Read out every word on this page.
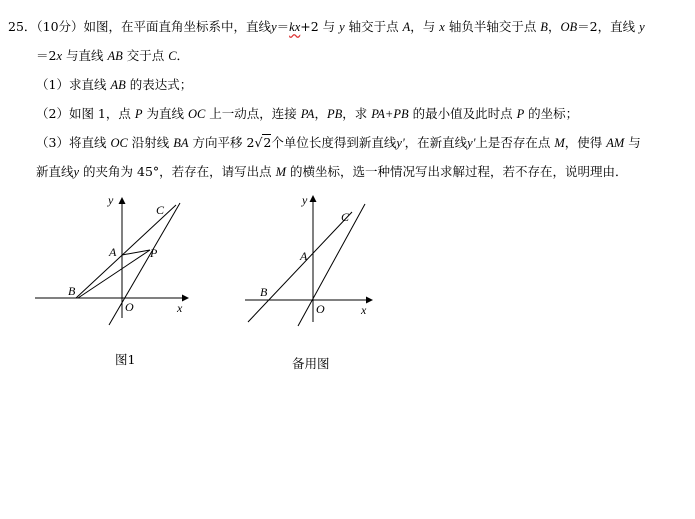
25．（10分）如图，在平面直角坐标系中，直线y＝kx+2 与 y 轴交于点 A，与 x 轴负半轴交于点 B，OB＝2，直线 y
＝2x 与直线 AB 交于点 C．
（1）求直线 AB 的表达式；
（2）如图 1，点 P 为直线 OC 上一动点，连接 PA，PB，求 PA+PB 的最小值及此时点 P 的坐标；
（3）将直线 OC 沿射线 BA 方向平移 2√2个单位长度得到新直线y'，在新直线y'上是否存在点 M，使得 AM 与
新直线y 的夹角为 45°，若存在，请写出点 M 的横坐标，选一种情况写出求解过程，若不存在，说明理由．
y
x
O
A
B
C
P
图1
y
x
O
A
B
C
备用图
